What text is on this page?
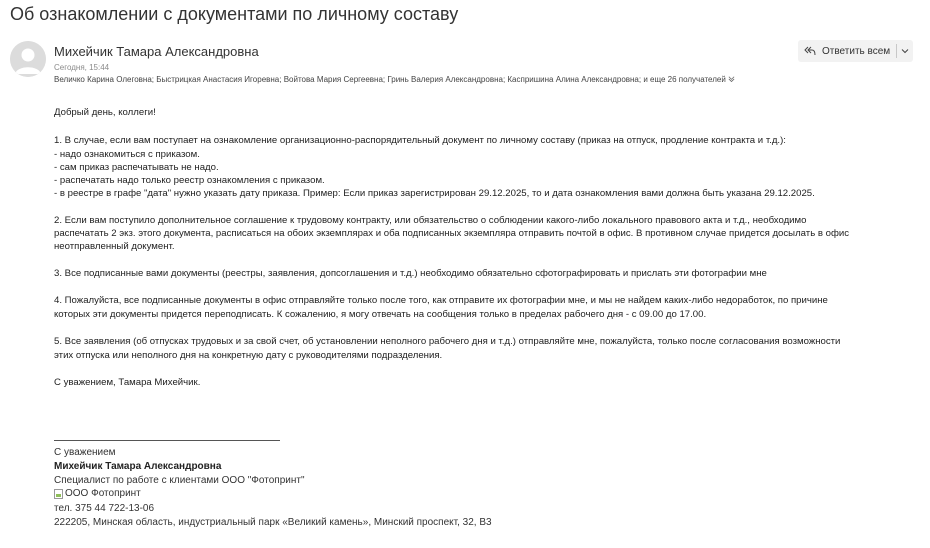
Об ознакомлении с документами по личному составу
Михейчик Тамара Александровна
Сегодня, 15:44
Величко Карина Олеговна; Быстрицкая Анастасия Игоревна; Войтова Мария Сергеевна; Гринь Валерия Александровна; Каспришина Алина Александровна; и еще 26 получателей
Ответить всем
Добрый день, коллеги!
1. В случае, если вам поступает на ознакомление организационно-распорядительный документ по личному составу (приказ на отпуск, продление контракта и т.д.):
- надо ознакомиться с приказом.
- сам приказ распечатывать не надо.
- распечатать надо только реестр ознакомления с приказом.
- в реестре в графе "дата" нужно указать дату приказа. Пример: Если приказ зарегистрирован 29.12.2025, то и дата ознакомления вами должна быть указана 29.12.2025.
2. Если вам поступило дополнительное соглашение к трудовому контракту, или обязательство о соблюдении какого-либо локального правового акта и т.д., необходимо
распечатать 2 экз. этого документа, расписаться на обоих экземплярах и оба подписанных экземпляра отправить почтой в офис. В противном случае придется досылать в офис
неотправленный документ.
3. Все подписанные вами документы (реестры, заявления, допсоглашения и т.д.) необходимо обязательно сфотографировать и прислать эти фотографии мне
4. Пожалуйста, все подписанные документы в офис отправляйте только после того, как отправите их фотографии мне, и мы не найдем каких-либо недоработок, по причине
которых эти документы придется переподписать. К сожалению, я могу отвечать на сообщения только в пределах рабочего дня - с 09.00 до 17.00.
5. Все заявления (об отпусках трудовых и за свой счет, об установлении неполного рабочего дня и т.д.) отправляйте мне, пожалуйста, только после согласования возможности
этих отпуска или неполного дня на конкретную дату с руководителями подразделения.
С уважением, Тамара Михейчик.
С уважением
Михейчик Тамара Александровна
Специалист по работе с клиентами ООО "Фотопринт"
ООО Фотопринт
тел. 375 44 722-13-06
222205, Минская область, индустриальный парк «Великий камень», Минский проспект, 32, В3
